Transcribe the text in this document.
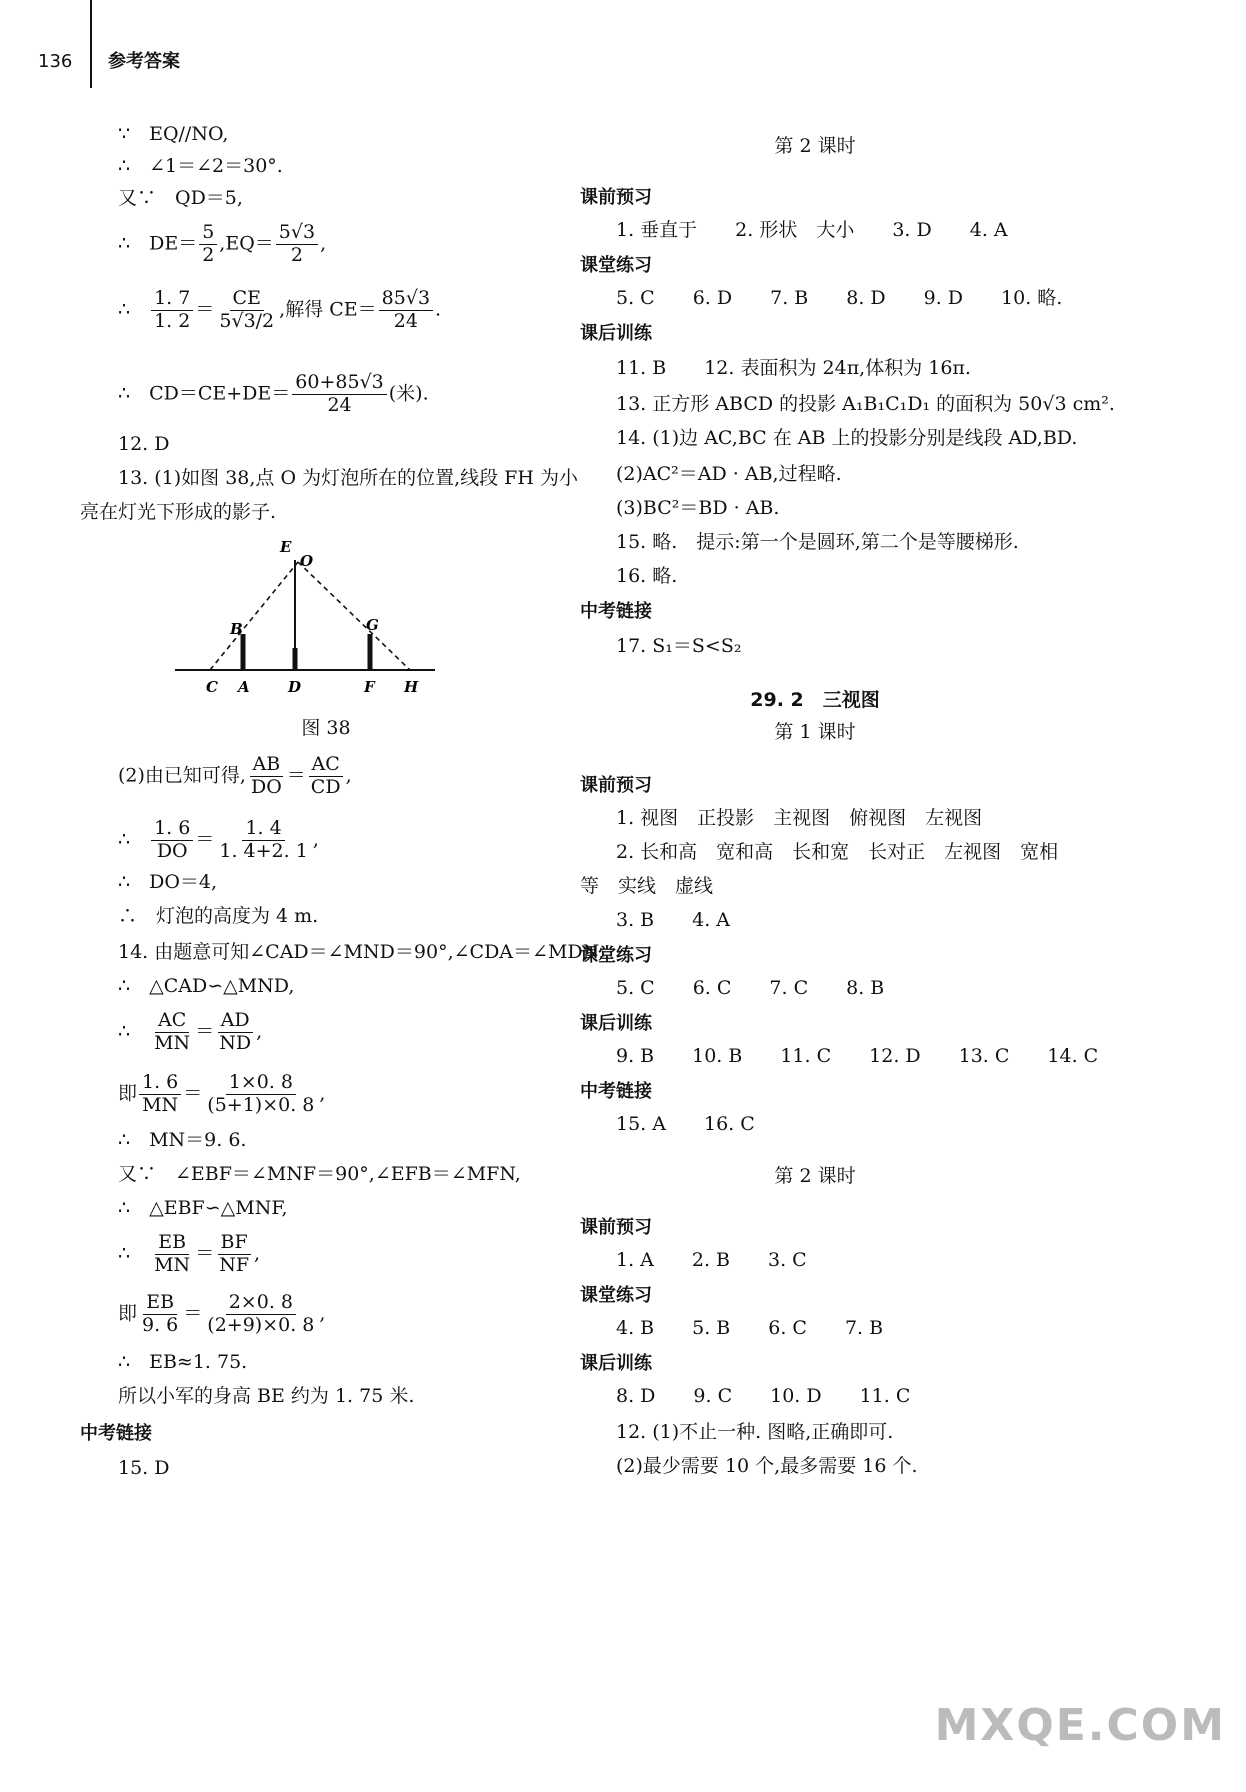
136 参考答案
∵　EQ//NO,
∴　∠1＝∠2＝30°.
又∵　QD＝5,
∴　$DE= \frac{5}{2} ,EQ= \frac{5√3}{2}$ ,
∴　 $\frac{1. 7}{1. 2} = \frac{CE}{5√3/2}$ ,解得 $CE= \frac{85√3}{24}$ .
∴　$CD=CE+DE= \frac{60+85√3}{24}$ (米).
12. D
13. (1)如图 38,点 O 为灯泡所在的位置,线段 FH 为小
亮在灯光下形成的影子.
E
O
B	G
C A	D	F H
图 38
(2)由已知可得, $\frac{AB}{DO} = \frac{AC}{CD}$ ,
∴　 $\frac{1. 6}{DO} = \frac{1. 4}{1. 4+2. 1}$ ,
∴　DO＝4,
∴　灯泡的高度为 4 m.
14. 由题意可知∠CAD＝∠MND＝90°,∠CDA＝∠MDN,
∴　△CAD∽△MND,
∴　 $\frac{AC}{MN} = \frac{AD}{ND}$ ,
即 $\frac{1. 6}{MN} = \frac{1\times 0. 8}{(5+1)\times 0. 8}$ ,
∴　MN＝9. 6.
又∵　∠EBF＝∠MNF＝90°,∠EFB＝∠MFN,
∴　△EBF∽△MNF,
∴　 $\frac{EB}{MN} = \frac{BF}{NF}$ ,
即 $\frac{EB}{9. 6} = \frac{2\times 0. 8}{(2+9)\times 0. 8}$ ,
∴　EB≈1. 75.
所以小军的身高 BE 约为 1. 75 米.
中考链接
15. D
第 2 课时
课前预习
1. 垂直于　　2. 形状　大小　　3. D　　4. A
课堂练习
5. C　　6. D　　7. B　　8. D　　9. D　　10. 略.
课后训练
11. B　　12. 表面积为 24π,体积为 16π.
13. 正方形 ABCD 的投影 A₁B₁C₁D₁ 的面积为 50√3 cm².
14. (1)边 AC,BC 在 AB 上的投影分别是线段 AD,BD.
(2)AC²＝AD · AB,过程略.
(3)BC²＝BD · AB.
15. 略.　提示:第一个是圆环,第二个是等腰梯形.
16. 略.
中考链接
17. S₁＝S<S₂
29. 2　三视图
第 1 课时
课前预习
1. 视图　正投影　主视图　俯视图　左视图
2. 长和高　宽和高　长和宽　长对正　左视图　宽相
等　实线　虚线
3. B　　4. A
课堂练习
5. C　　6. C　　7. C　　8. B
课后训练
9. B　　10. B　　11. C　　12. D　　13. C　　14. C
中考链接
15. A　　16. C
第 2 课时
课前预习
1. A　　2. B　　3. C
课堂练习
4. B　　5. B　　6. C　　7. B
课后训练
8. D　　9. C　　10. D　　11. C
12. (1)不止一种. 图略,正确即可.
(2)最少需要 10 个,最多需要 16 个.
MXQE.COM
